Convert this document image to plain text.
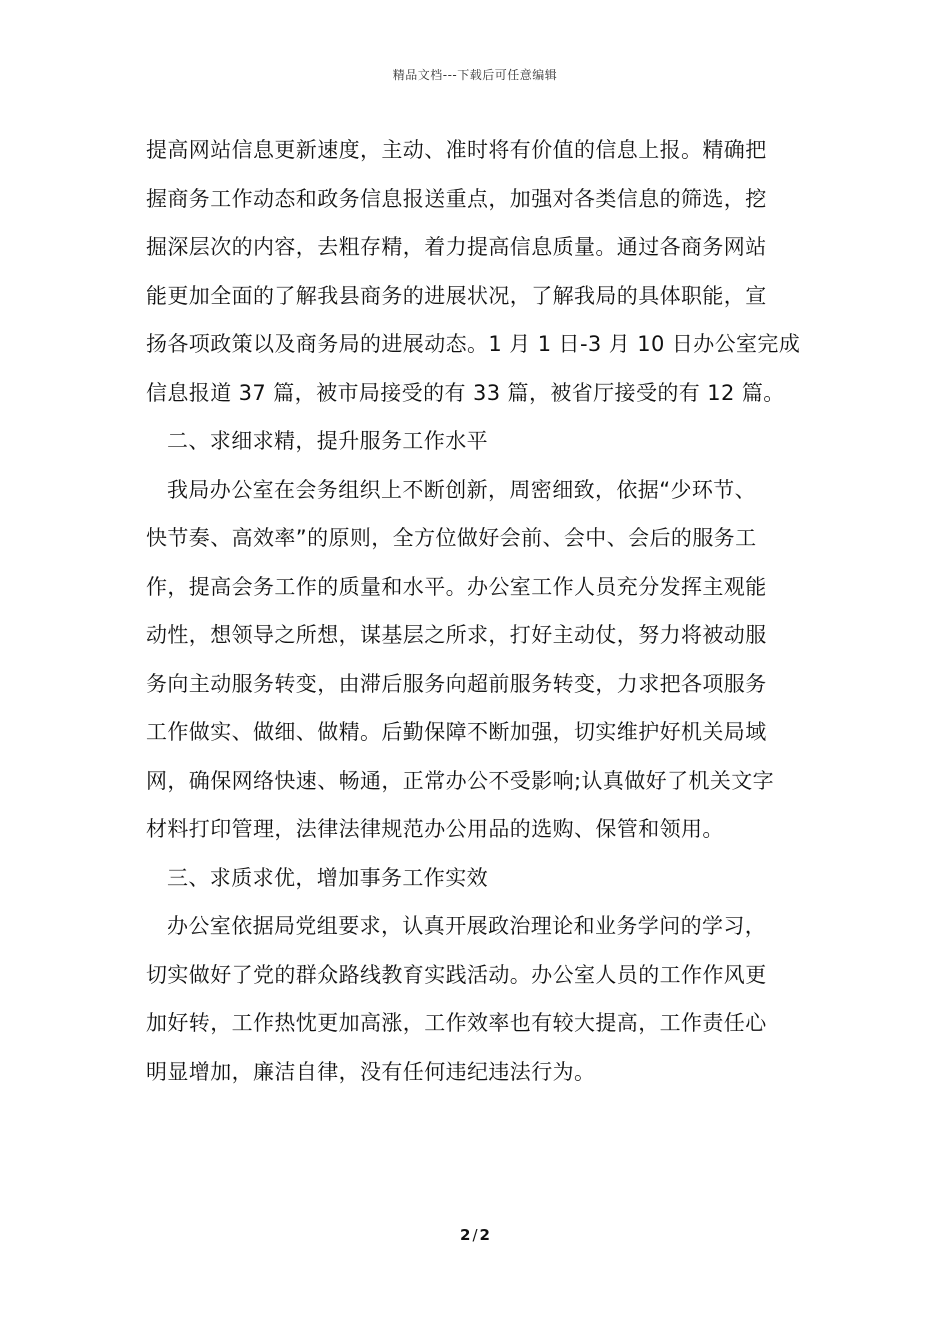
精品文档---下载后可任意编辑
提高网站信息更新速度，主动、准时将有价值的信息上报。精确把
握商务工作动态和政务信息报送重点，加强对各类信息的筛选，挖
掘深层次的内容，去粗存精，着力提高信息质量。通过各商务网站
能更加全面的了解我县商务的进展状况，了解我局的具体职能，宣
扬各项政策以及商务局的进展动态。1 月 1 日-3 月 10 日办公室完成
信息报道 37 篇，被市局接受的有 33 篇，被省厅接受的有 12 篇。
二、求细求精，提升服务工作水平
我局办公室在会务组织上不断创新，周密细致，依据“少环节、
快节奏、高效率”的原则，全方位做好会前、会中、会后的服务工
作，提高会务工作的质量和水平。办公室工作人员充分发挥主观能
动性，想领导之所想，谋基层之所求，打好主动仗，努力将被动服
务向主动服务转变，由滞后服务向超前服务转变，力求把各项服务
工作做实、做细、做精。后勤保障不断加强，切实维护好机关局域
网，确保网络快速、畅通，正常办公不受影响;认真做好了机关文字
材料打印管理，法律法律规范办公用品的选购、保管和领用。
三、求质求优，增加事务工作实效
办公室依据局党组要求，认真开展政治理论和业务学问的学习，
切实做好了党的群众路线教育实践活动。办公室人员的工作作风更
加好转，工作热忱更加高涨，工作效率也有较大提高，工作责任心
明显增加，廉洁自律，没有任何违纪违法行为。
2 / 2
